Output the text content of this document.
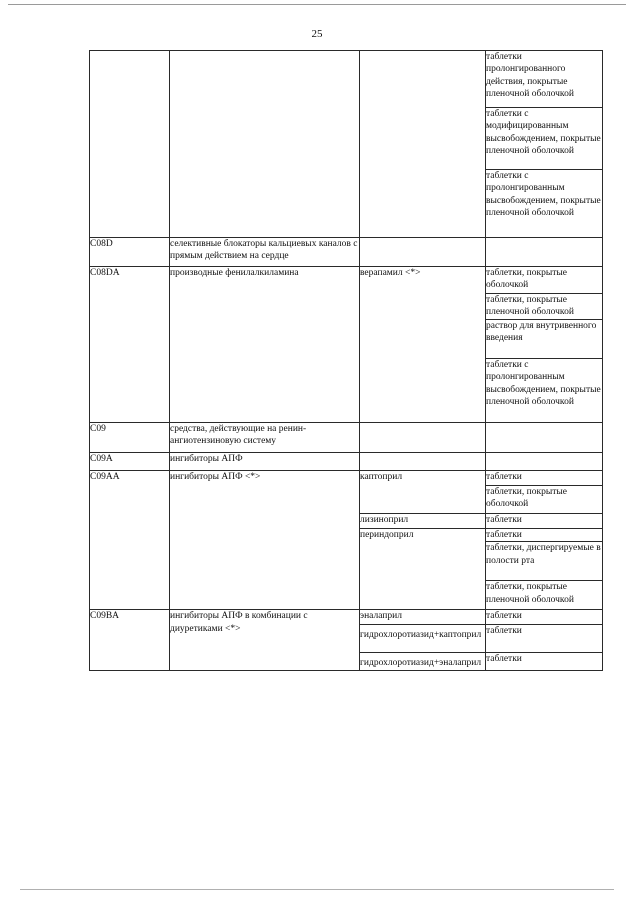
25
			таблетки пролонгированного действия, покрытые пленочной оболочкой
			таблетки с модифицированным высвобождением, покрытые пленочной оболочкой
			таблетки с пролонгированным высвобождением, покрытые пленочной оболочкой
C08D	селективные блокаторы кальциевых каналов с прямым действием на сердце		
C08DA	производные фенилалкиламина	верапамил <*>	таблетки, покрытые оболочкой
			таблетки, покрытые пленочной оболочкой
			раствор для внутривенного введения
			таблетки с пролонгированным высвобождением, покрытые пленочной оболочкой
C09	средства, действующие на ренин-ангиотензиновую систему		
C09A	ингибиторы АПФ		
C09AA	ингибиторы АПФ <*>	каптоприл	таблетки
			таблетки, покрытые оболочкой
		лизиноприл	таблетки
		периндоприл	таблетки
			таблетки, диспергируемые в полости рта
			таблетки, покрытые пленочной оболочкой

C09BA	ингибиторы АПФ в комбинации с диуретиками <*>	эналаприл	таблетки
		гидрохлоротиазид+каптоприл	таблетки
		гидрохлоротиазид+эналаприл	таблетки
